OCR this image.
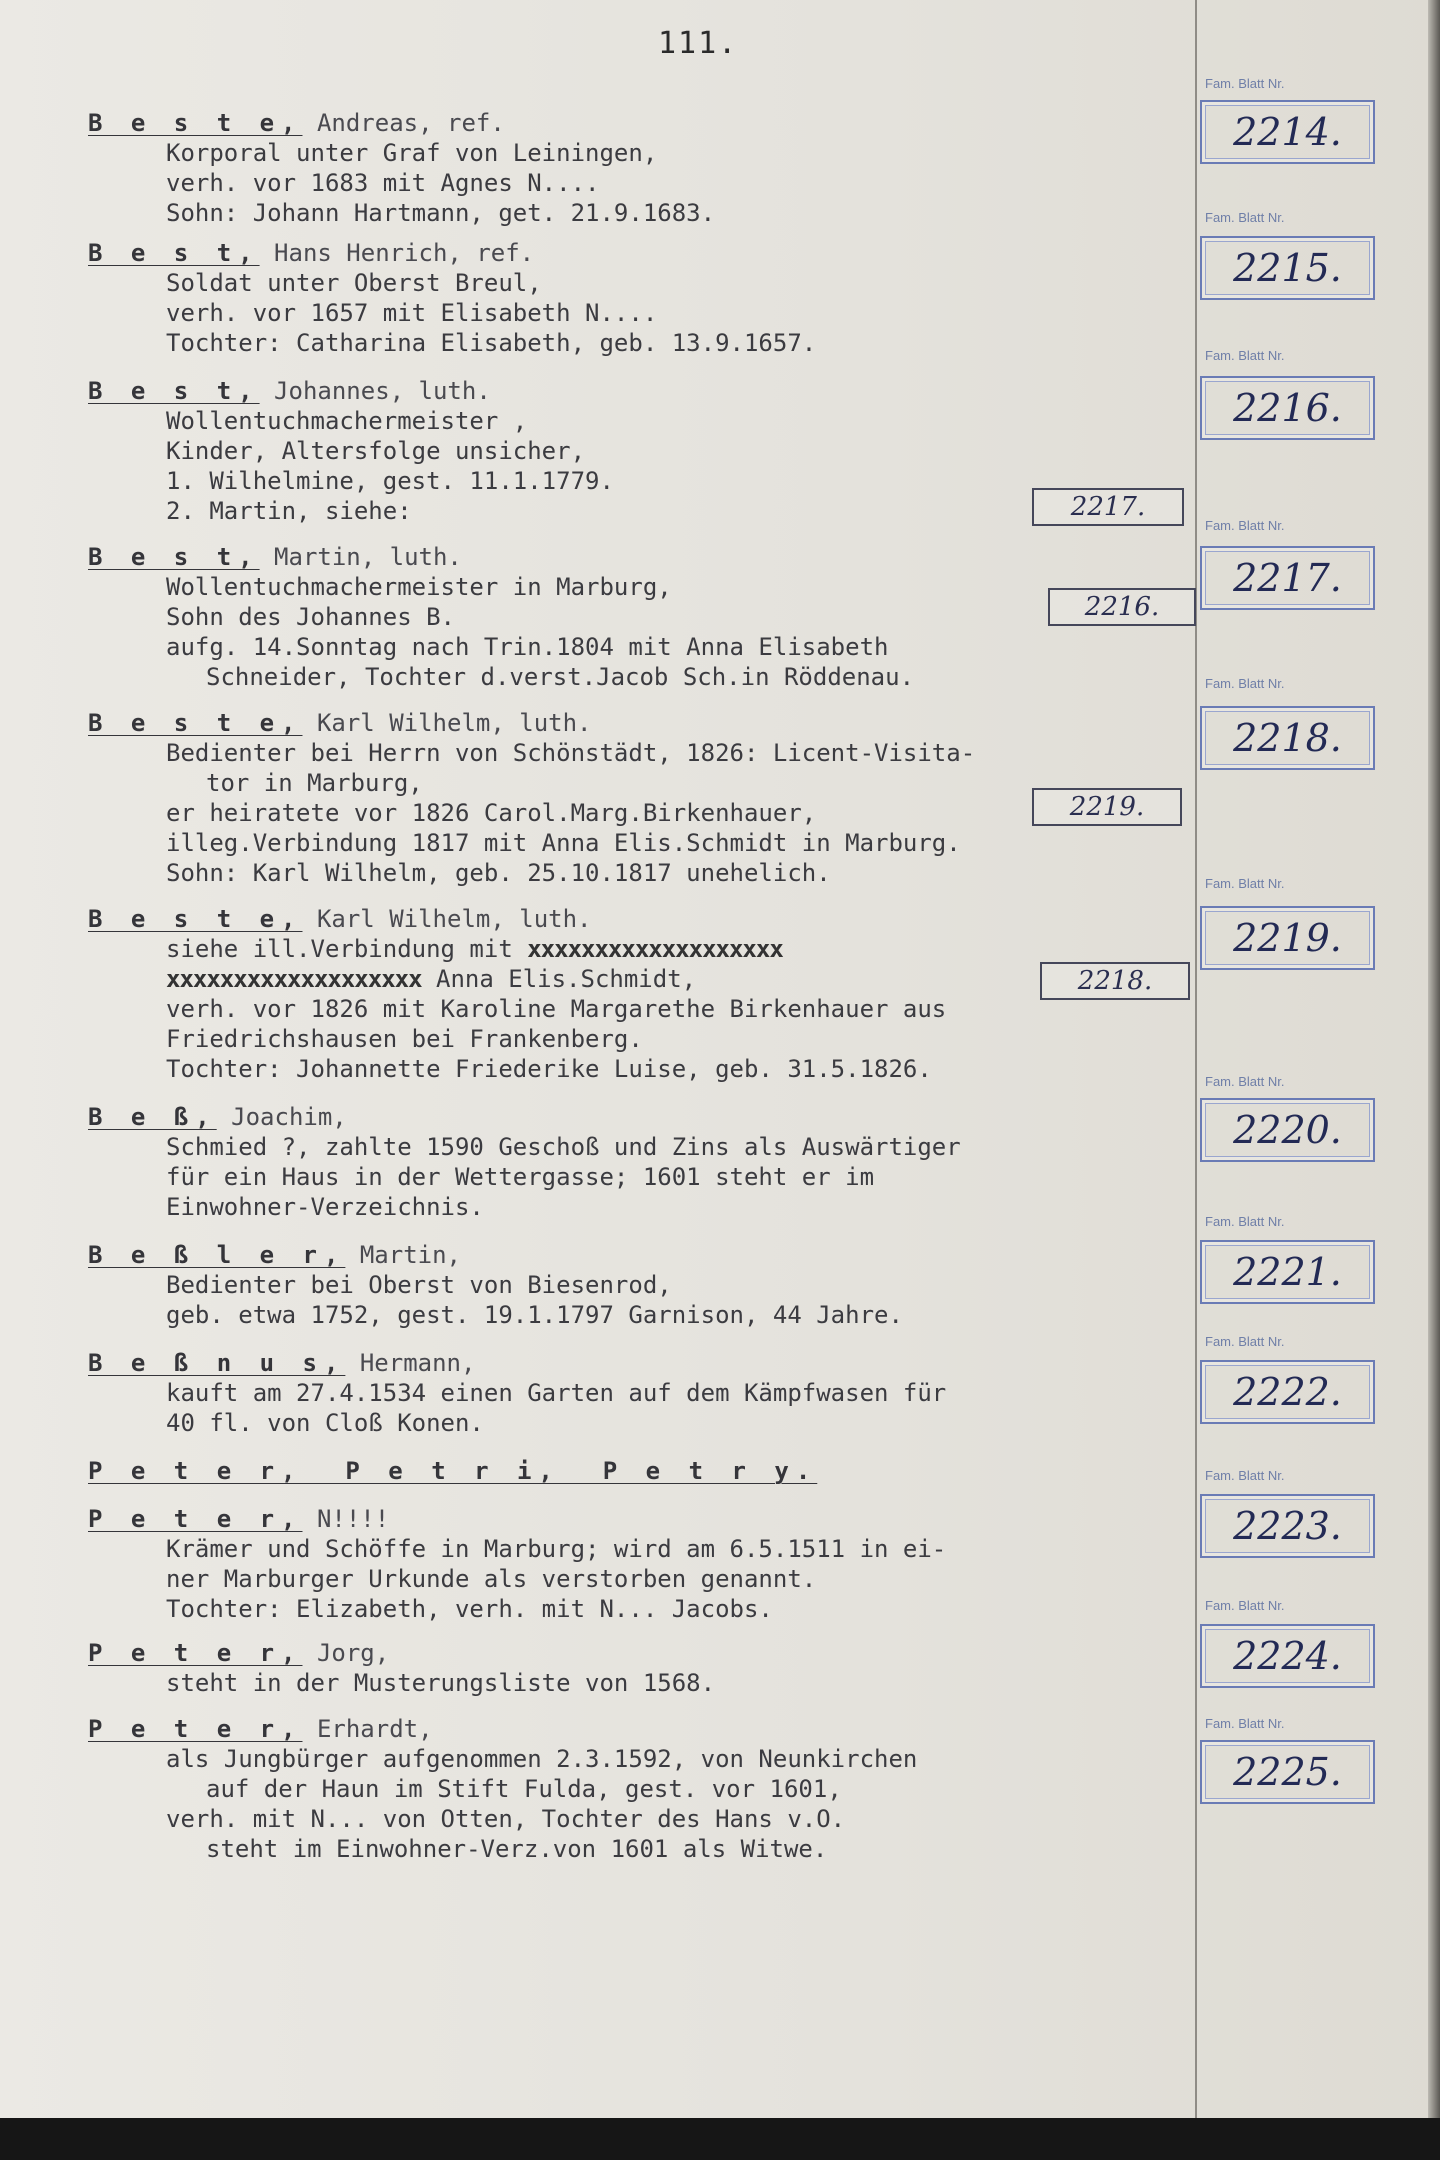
111.
B e s t e, Andreas, ref.
Korporal unter Graf von Leiningen,
verh. vor 1683 mit Agnes N....
Sohn: Johann Hartmann, get. 21.9.1683.
B e s t, Hans Henrich, ref.
Soldat unter Oberst Breul,
verh. vor 1657 mit Elisabeth N....
Tochter: Catharina Elisabeth, geb. 13.9.1657.
B e s t, Johannes, luth.
Wollentuchmachermeister ,
Kinder, Altersfolge unsicher,
1. Wilhelmine, gest. 11.1.1779.
2. Martin, siehe:
B e s t, Martin, luth.
Wollentuchmachermeister in Marburg,
Sohn des Johannes B.
aufg. 14.Sonntag nach Trin.1804 mit Anna Elisabeth
Schneider, Tochter d.verst.Jacob Sch.in Röddenau.
B e s t e, Karl Wilhelm, luth.
Bedienter bei Herrn von Schönstädt, 1826: Licent-Visita-
tor in Marburg,
er heiratete vor 1826 Carol.Marg.Birkenhauer,
illeg.Verbindung 1817 mit Anna Elis.Schmidt in Marburg.
Sohn: Karl Wilhelm, geb. 25.10.1817 unehelich.
B e s t e, Karl Wilhelm, luth.
siehe ill.Verbindung mit xxxxxxxxxxxxxxxxxxx
xxxxxxxxxxxxxxxxxxx Anna Elis.Schmidt,
verh. vor 1826 mit Karoline Margarethe Birkenhauer aus
Friedrichshausen bei Frankenberg.
Tochter: Johannette Friederike Luise, geb. 31.5.1826.
B e ß, Joachim,
Schmied ?, zahlte 1590 Geschoß und Zins als Auswärtiger
für ein Haus in der Wettergasse; 1601 steht er im
Einwohner-Verzeichnis.
B e ß l e r, Martin,
Bedienter bei Oberst von Biesenrod,
geb. etwa 1752, gest. 19.1.1797 Garnison, 44 Jahre.
B e ß n u s, Hermann,
kauft am 27.4.1534 einen Garten auf dem Kämpfwasen für
40 fl. von Cloß Konen.
P e t e r,  P e t r i,  P e t r y.
P e t e r, N!!!!
Krämer und Schöffe in Marburg; wird am 6.5.1511 in ei-
ner Marburger Urkunde als verstorben genannt.
Tochter: Elizabeth, verh. mit N... Jacobs.
P e t e r, Jorg,
steht in der Musterungsliste von 1568.
P e t e r, Erhardt,
als Jungbürger aufgenommen 2.3.1592, von Neunkirchen
auf der Haun im Stift Fulda, gest. vor 1601,
verh. mit N... von Otten, Tochter des Hans v.O.
steht im Einwohner-Verz.von 1601 als Witwe.
2217.
2216.
2219.
2218.
Fam. Blatt Nr.
2214.
Fam. Blatt Nr.
2215.
Fam. Blatt Nr.
2216.
Fam. Blatt Nr.
2217.
Fam. Blatt Nr.
2218.
Fam. Blatt Nr.
2219.
Fam. Blatt Nr.
2220.
Fam. Blatt Nr.
2221.
Fam. Blatt Nr.
2222.
Fam. Blatt Nr.
2223.
Fam. Blatt Nr.
2224.
Fam. Blatt Nr.
2225.
